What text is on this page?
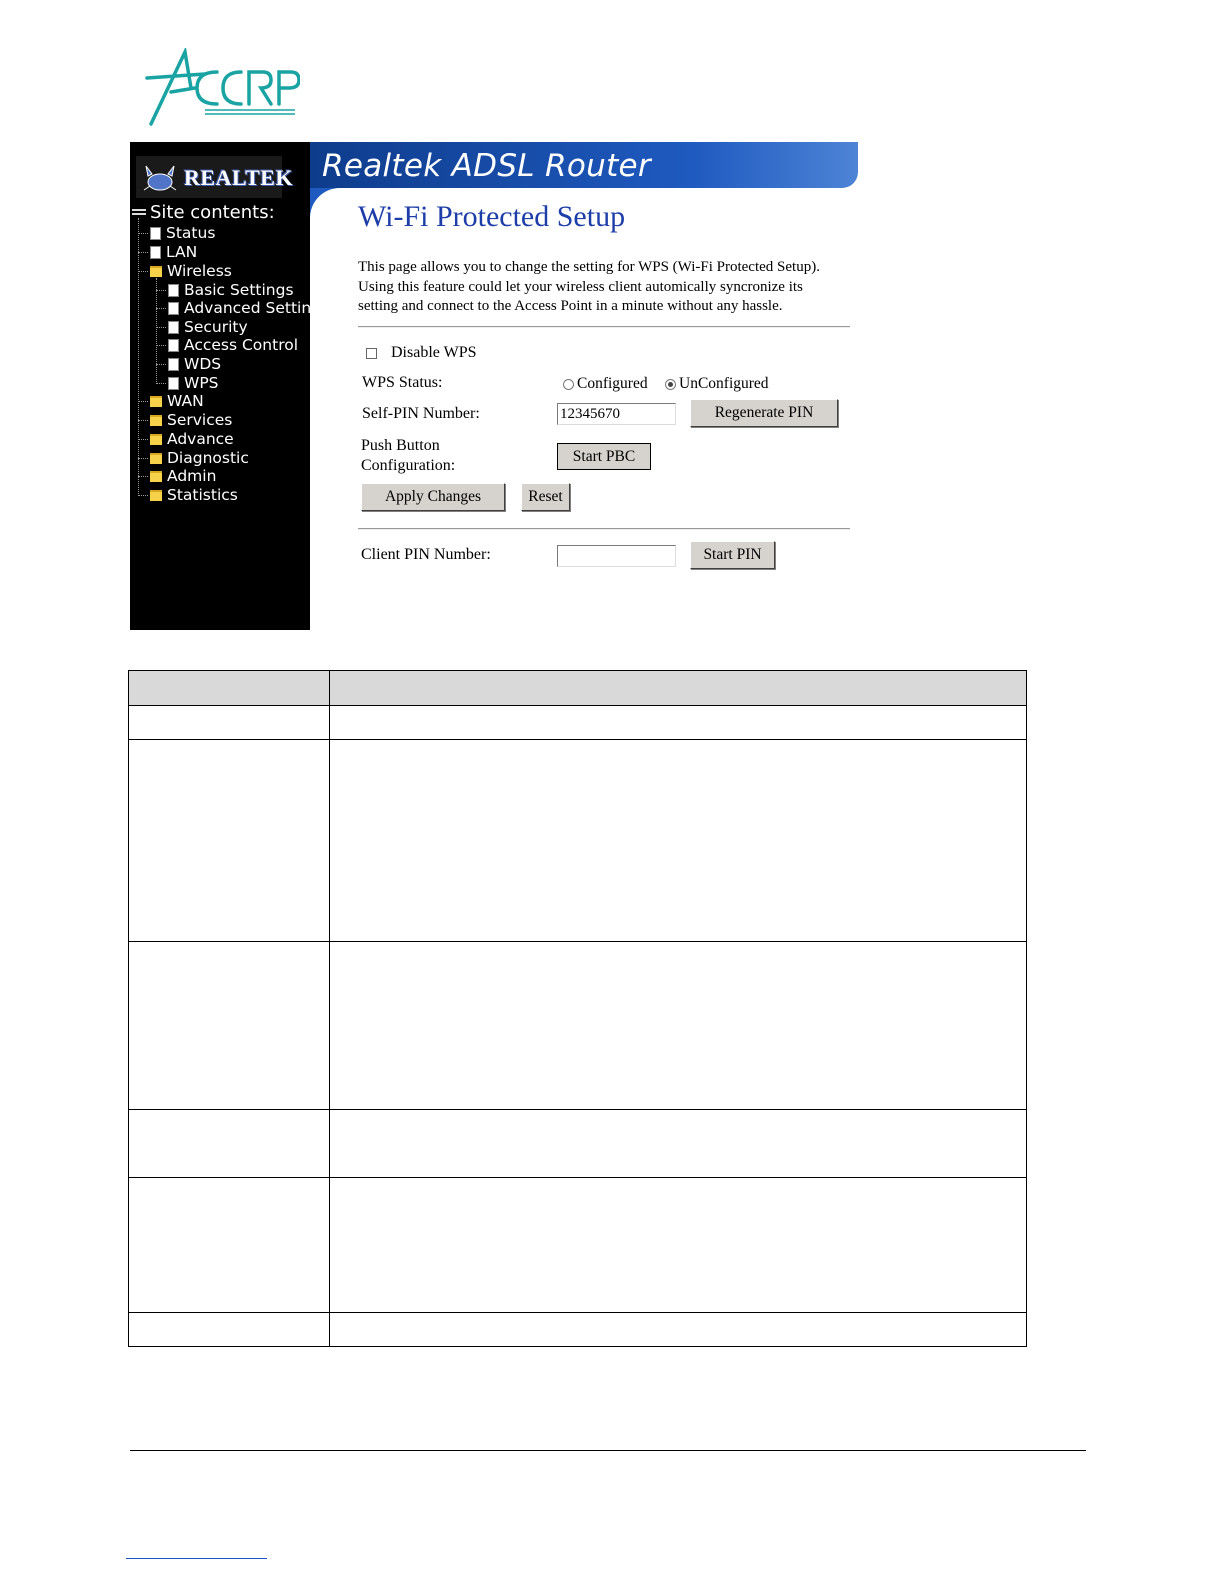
REALTEK Realtek ADSL Router
Site contents:
Status
LAN
Wireless
Basic Settings
Advanced Setting
Security
Access Control
WDS
WPS
WAN
Services
Advance
Diagnostic
Admin
Statistics
Wi-Fi Protected Setup
This page allows you to change the setting for WPS (Wi-Fi Protected Setup).
Using this feature could let your wireless client automically syncronize its
setting and connect to the Access Point in a minute without any hassle.
Disable WPS
WPS Status:	Configured UnConfigured
Self-PIN Number:
12345670	Regenerate PIN
Push Button
Configuration:
Start PBC
Apply Changes	Reset
Client PIN Number:	Start PIN
